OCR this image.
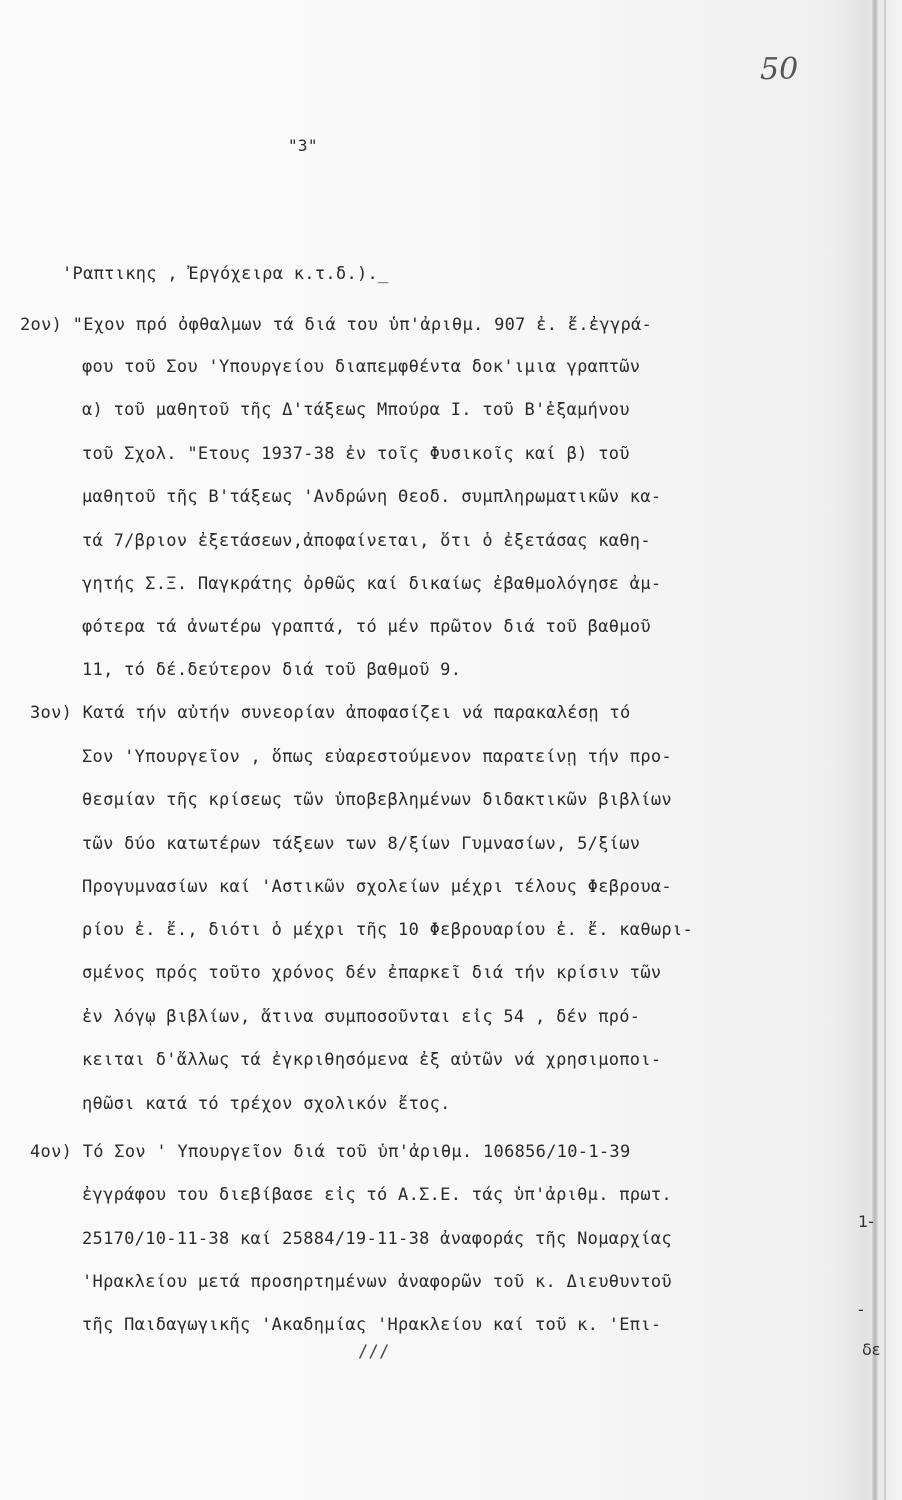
50
"3"
'Ραπτικης , Ἐργόχειρα κ.τ.δ.)._
2ον) "Εχον πρό ὀφθαλμων τά διά του ὑπ'ἀριθμ. 907 ἐ. ἔ.ἐγγρά-
φου τοῦ Σου 'Υπουργείου διαπεμφθέντα δοκ'ιμια γραπτῶν
α) τοῦ μαθητοῦ τῆς Δ'τάξεως Μπούρα Ι. τοῦ Β'ἑξαμήνου
τοῦ Σχολ. "Ετους 1937-38 ἐν τοῖς Φυσικοῖς καί β) τοῦ
μαθητοῦ τῆς Β'τάξεως 'Ανδρώνη Θεοδ. συμπληρωματικῶν κα-
τά 7/βριον ἐξετάσεων,ἀποφαίνεται, ὅτι ὁ ἐξετάσας καθη-
γητής Σ.Ξ. Παγκράτης ὀρθῶς καί δικαίως ἐβαθμολόγησε ἀμ-
φότερα τά ἀνωτέρω γραπτά, τό μέν πρῶτον διά τοῦ βαθμοῦ
11, τό δέ.δεύτερον διά τοῦ βαθμοῦ 9.
3ον) Κατά τήν αὐτήν συνεορίαν ἀποφασίζει νά παρακαλέσῃ τό
Σον 'Υπουργεῖον , ὅπως εὐαρεστούμενον παρατείνῃ τήν προ-
θεσμίαν τῆς κρίσεως τῶν ὑποβεβλημένων διδακτικῶν βιβλίων
τῶν δύο κατωτέρων τάξεων των 8/ξίων Γυμνασίων, 5/ξίων
Προγυμνασίων καί 'Αστικῶν σχολείων μέχρι τέλους Φεβρουα-
ρίου ἐ. ἔ., διότι ὁ μέχρι τῆς 10 Φεβρουαρίου ἐ. ἔ. καθωρι-
σμένος πρός τοῦτο χρόνος δέν ἐπαρκεῖ διά τήν κρίσιν τῶν
ἐν λόγῳ βιβλίων, ἅτινα συμποσοῦνται εἰς 54 , δέν πρό-
κειται δ'ἄλλως τά ἐγκριθησόμενα ἐξ αὐτῶν νά χρησιμοποι-
ηθῶσι κατά τό τρέχον σχολικόν ἔτος.
4ον) Τό Σον ' Υπουργεῖον διά τοῦ ὑπ'ἀριθμ. 106856/10-1-39
ἐγγράφου του διεβίβασε εἰς τό Α.Σ.Ε. τάς ὑπ'ἀριθμ. πρωτ.
25170/10-11-38 καί 25884/19-11-38 ἀναφοράς τῆς Νομαρχίας
'Ηρακλείου μετά προσηρτημένων ἀναφορῶν τοῦ κ. Διευθυντοῦ
τῆς Παιδαγωγικῆς 'Ακαδημίας 'Ηρακλείου καί τοῦ κ. 'Επι-
///
1-
-
δε
